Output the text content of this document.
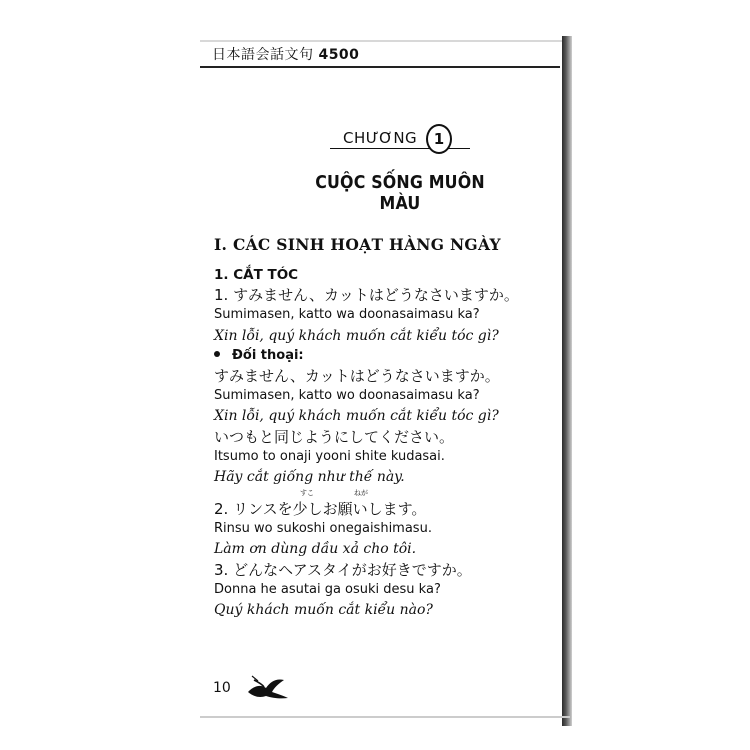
日本語会話文句 4500
CHƯƠNG	1
CUỘC SỐNG MUÔN MÀU
I. CÁC SINH HOẠT HÀNG NGÀY
1. CẮT TÓC
1. すみません、カットはどうなさいますか。
Sumimasen, katto wa doonasaimasu ka?
Xin lỗi, quý khách muốn cắt kiểu tóc gì?
Đối thoại:
すみません、カットはどうなさいますか。
Sumimasen, katto wo doonasaimasu ka?
Xin lỗi, quý khách muốn cắt kiểu tóc gì?
いつもと同じようにしてください。
Itsumo to onaji yooni shite kudasai.
Hãy cắt giống như thế này.
すこ	ねが
2. リンスを少しお願いします。
Rinsu wo sukoshi onegaishimasu.
Làm ơn dùng dầu xả cho tôi.
3. どんなヘアスタイがお好きですか。
Donna he asutai ga osuki desu ka?
Quý khách muốn cắt kiểu nào?
10
